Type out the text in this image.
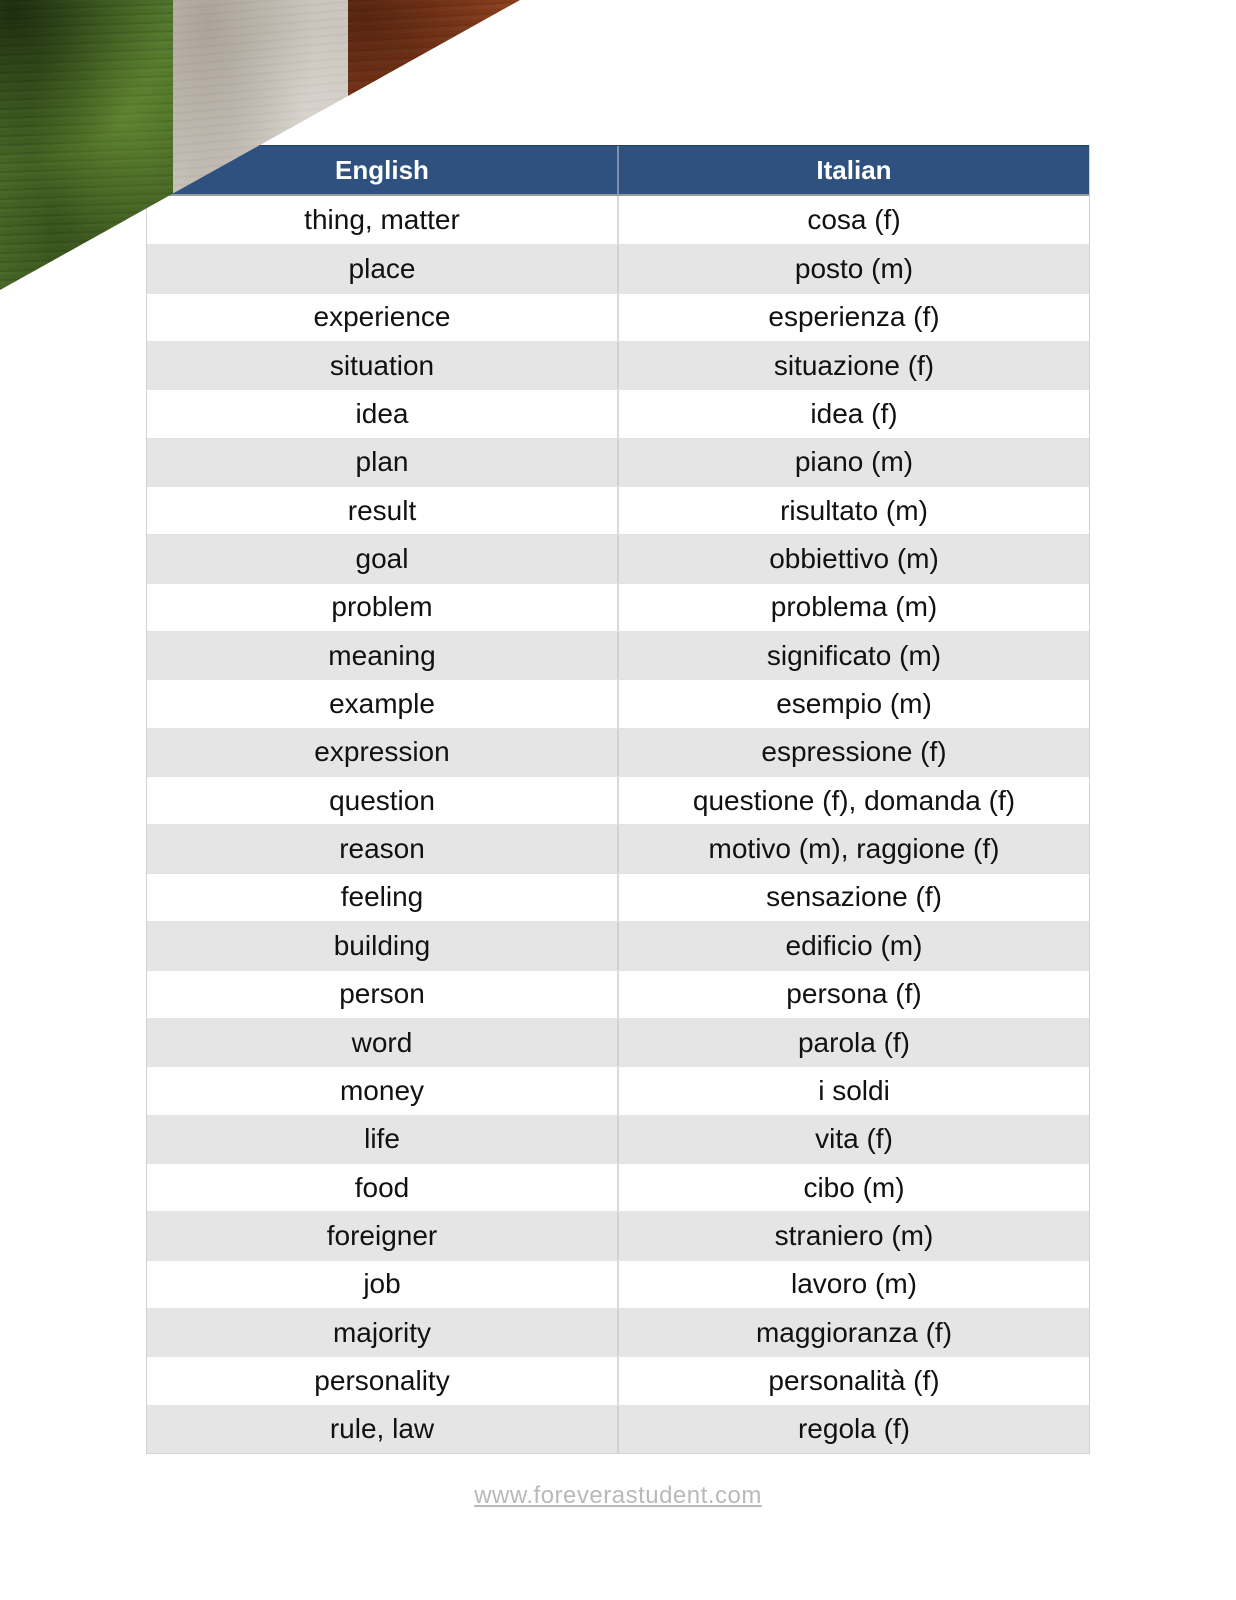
English	Italian
thing, matter	cosa (f)
place	posto (m)
experience	esperienza (f)
situation	situazione (f)
idea	idea (f)
plan	piano (m)
result	risultato (m)
goal	obbiettivo (m)
problem	problema (m)
meaning	significato (m)
example	esempio (m)
expression	espressione (f)
question	questione (f), domanda (f)
reason	motivo (m), raggione (f)
feeling	sensazione (f)
building	edificio (m)
person	persona (f)
word	parola (f)
money	i soldi
life	vita (f)
food	cibo (m)
foreigner	straniero (m)
job	lavoro (m)
majority	maggioranza (f)
personality	personalità (f)
rule, law	regola (f)
www.foreverastudent.com
